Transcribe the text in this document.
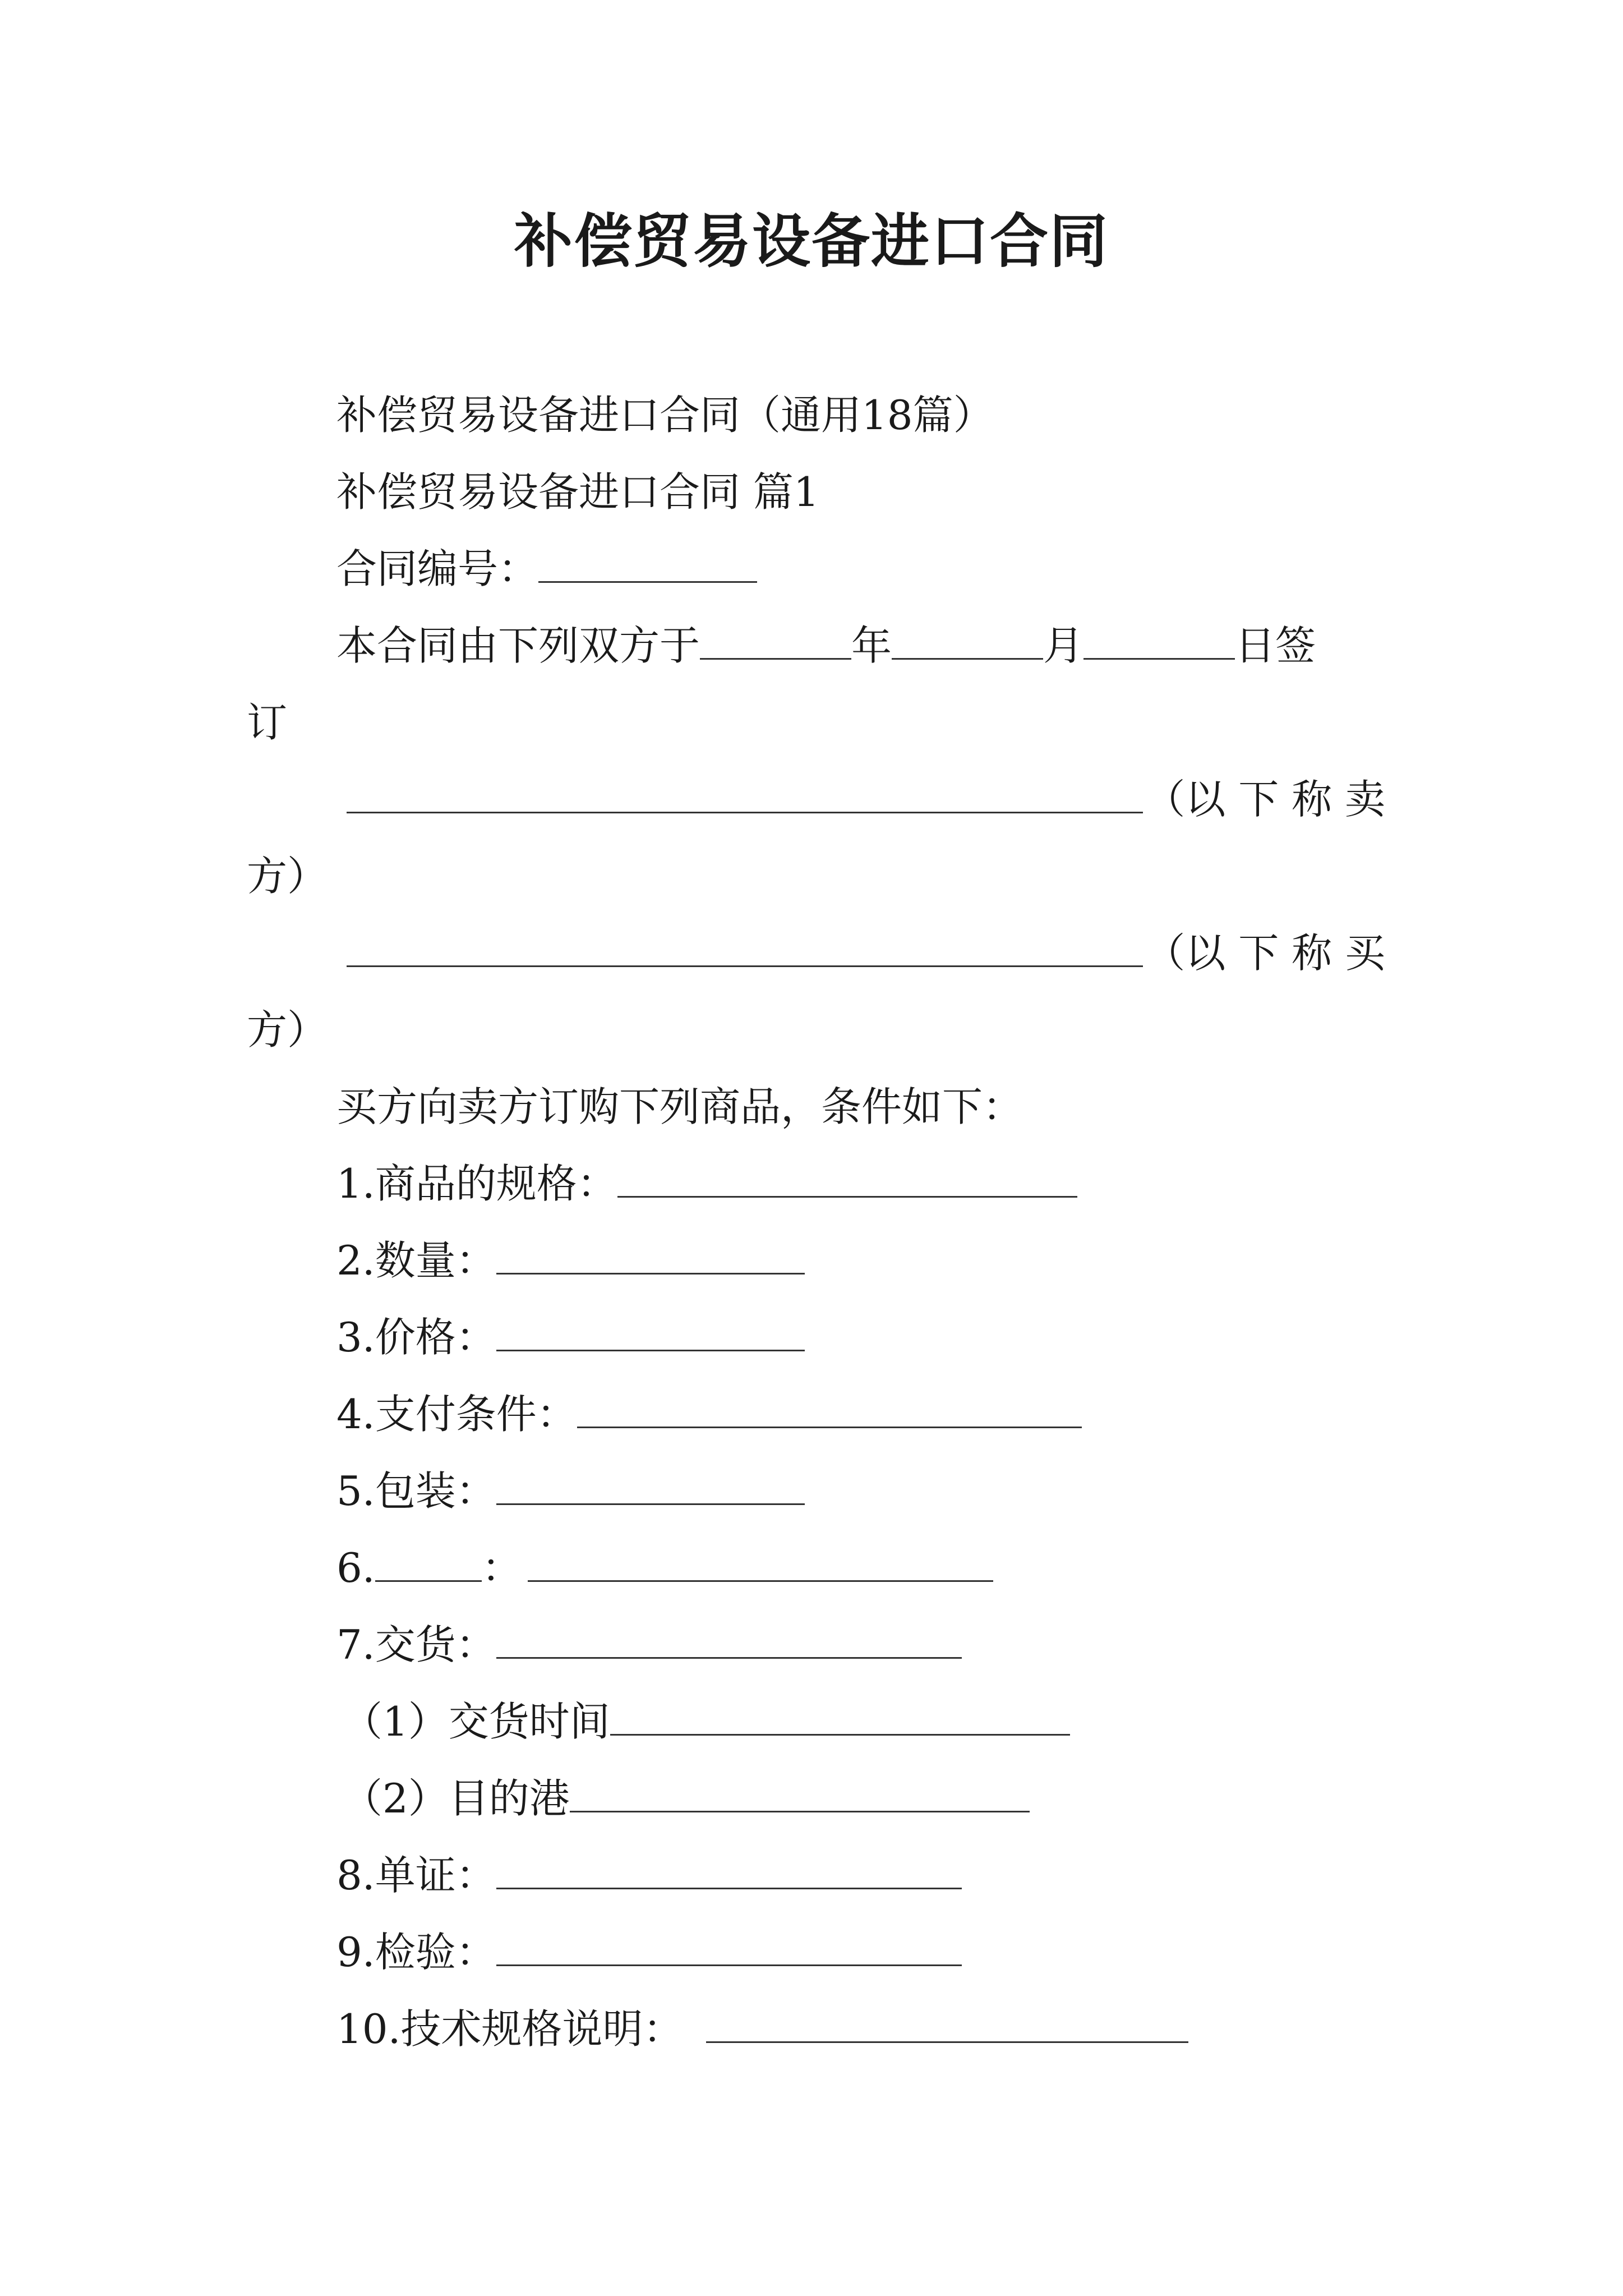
补偿贸易设备进口合同
补偿贸易设备进口合同（通用18篇）
补偿贸易设备进口合同 篇1
合同编号：
本合同由下列双方于	年	月	日签
订
（以 下 称 卖
方）
（以 下 称 买
方）
买方向卖方订购下列商品，条件如下：
1.商品的规格：
2.数量：
3.价格：
4.支付条件：
5.包装：
6.	：
7.交货：
（1）交货时间
（2）目的港
8.单证：
9.检验：
10.技术规格说明：
